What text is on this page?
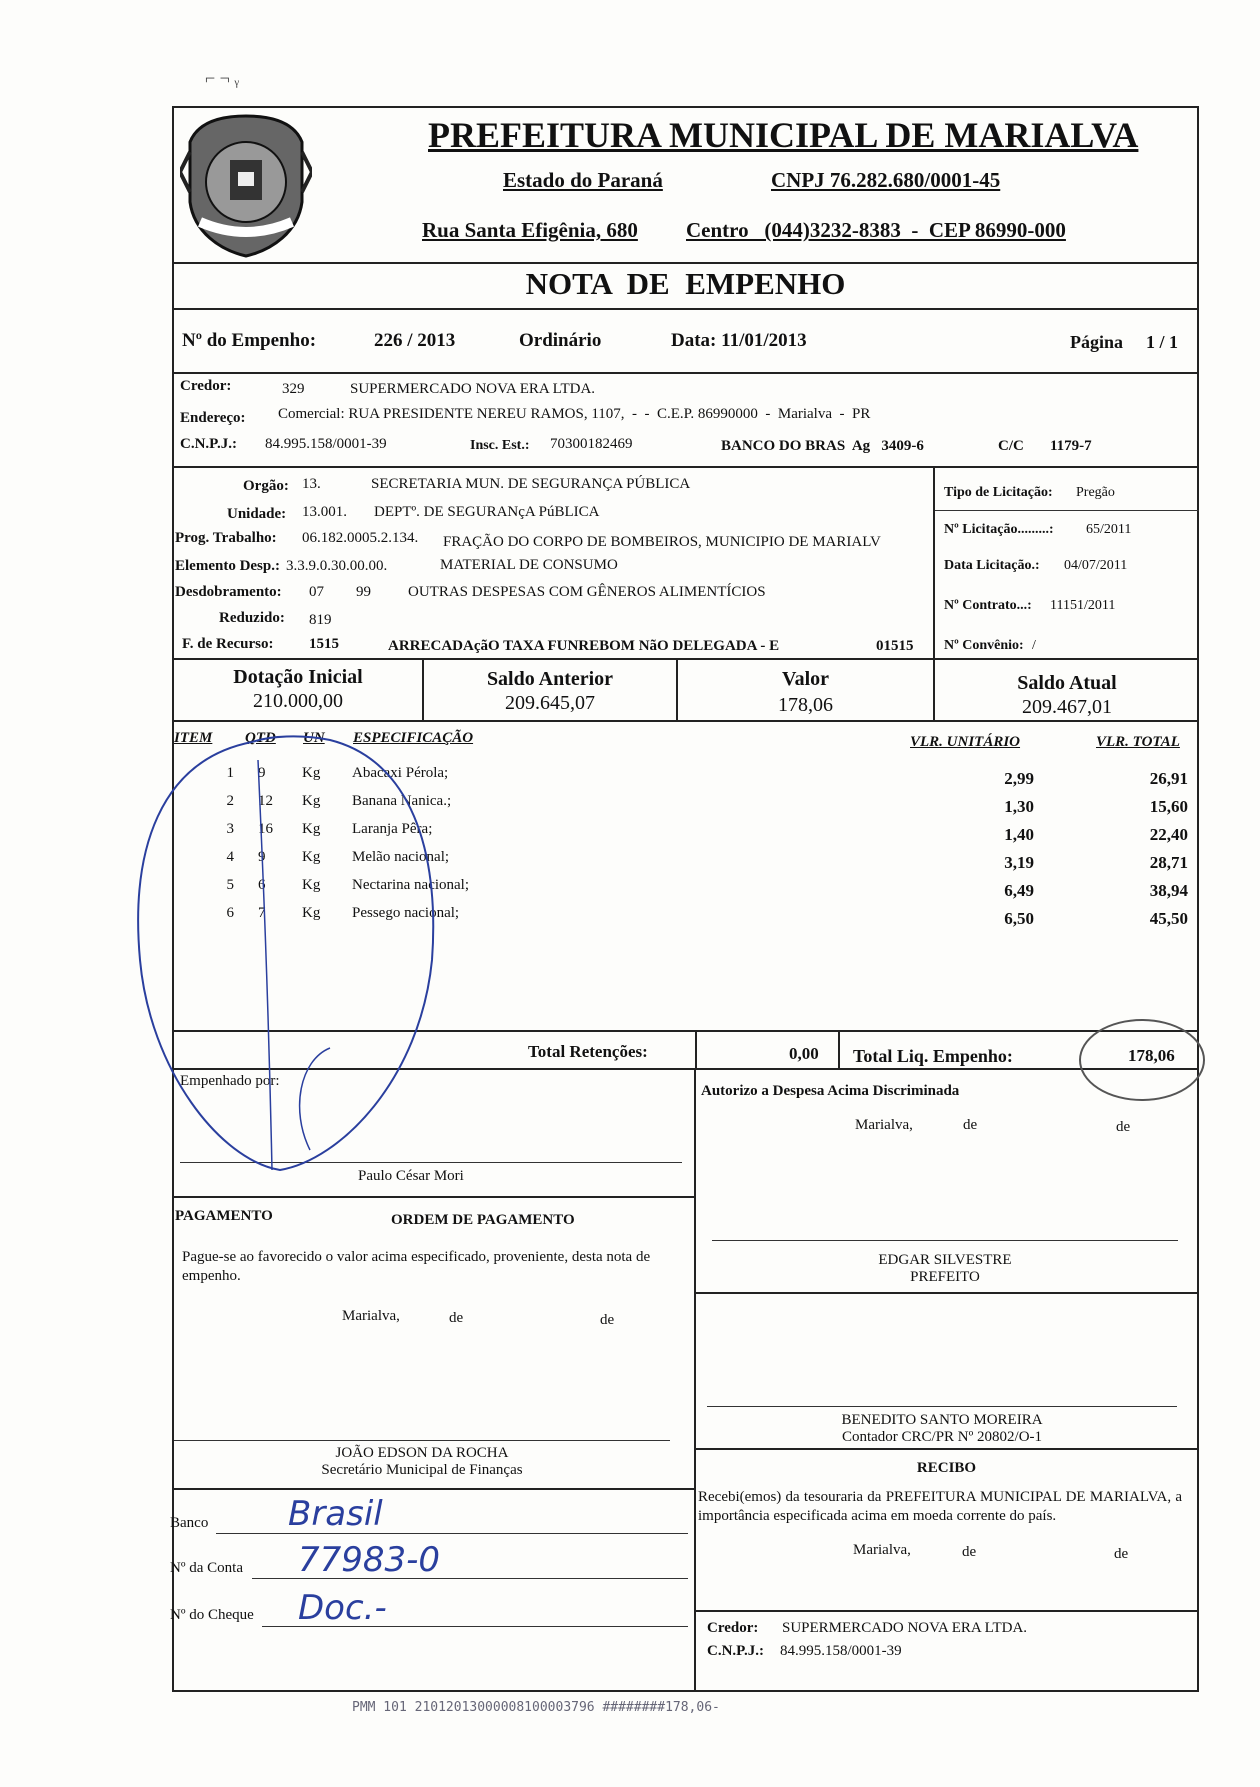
⌐ ¬ ᵧ
PREFEITURA MUNICIPAL DE MARIALVA
Estado do Paraná	CNPJ 76.282.680/0001-45
Rua Santa Efigênia, 680 Centro   (044)3232-8383  -  CEP 86990-000
NOTA  DE  EMPENHO
Nº do Empenho:	226 / 2013	Ordinário	Data: 11/01/2013	Página 1 / 1
Credor:	329	SUPERMERCADO NOVA ERA LTDA.
Endereço: Comercial: RUA PRESIDENTE NEREU RAMOS, 1107,  -  -  C.E.P. 86990000  -  Marialva  -  PR
C.N.P.J.: 84.995.158/0001-39	Insc. Est.: 70300182469	BANCO DO BRAS  Ag   3409-6	C/C 1179-7
Orgão: 13.	SECRETARIA MUN. DE SEGURANÇA PÚBLICA
Unidade: 13.001. DEPTº. DE SEGURANçA PúBLICA
Prog. Trabalho: 06.182.0005.2.134. FRAÇÃO DO CORPO DE BOMBEIROS, MUNICIPIO DE MARIALV
Elemento Desp.: 3.3.9.0.30.00.00.	MATERIAL DE CONSUMO
Desdobramento: 07 99 OUTRAS DESPESAS COM GÊNEROS ALIMENTÍCIOS
Reduzido: 819
F. de Recurso: 1515	ARRECADAçãO TAXA FUNREBOM NãO DELEGADA - E	01515
Tipo de Licitação: Pregão
Nº Licitação.........: 65/2011
Data Licitação.: 04/07/2011
Nº Contrato...: 11151/2011
Nº Convênio: /
Dotação Inicial
210.000,00
Saldo Anterior
209.645,07
Valor
178,06
Saldo Atual
209.467,01
ITEM QTD UN ESPECIFICAÇÃO	VLR. UNITÁRIO	VLR. TOTAL
1 9	Kg	Abacaxi Pérola;	2,99	26,91
2 12	Kg	Banana Nanica.;	1,30	15,60
3 16	Kg	Laranja Pêra;	1,40	22,40
4 9	Kg	Melão nacional;	3,19	28,71
5 6	Kg	Nectarina nacional;	6,49	38,94
6 7	Kg	Pessego nacional;	6,50	45,50
Total Retenções:	0,00 Total Liq. Empenho:	178,06
Empenhado por:
Paulo César Mori
Autorizo a Despesa Acima Discriminada
Marialva,	de	de
PAGAMENTO	ORDEM DE PAGAMENTO
Pague-se ao favorecido o valor acima especificado, proveniente, desta nota de empenho.
Marialva,	de	de
EDGAR SILVESTRE
PREFEITO
BENEDITO SANTO MOREIRA
Contador CRC/PR Nº 20802/O-1
RECIBO
Recebi(emos) da tesouraria da PREFEITURA MUNICIPAL DE MARIALVA, a importância especificada acima em moeda corrente do país.
Marialva,	de	de
Credor: SUPERMERCADO NOVA ERA LTDA.
C.N.P.J.: 84.995.158/0001-39
JOÃO EDSON DA ROCHA
Secretário Municipal de Finanças
Banco Brasil
Nº da Conta 77983-0
Nº do Cheque Doc.-
PMM 101 21012013000008100003796 ########178,06-
